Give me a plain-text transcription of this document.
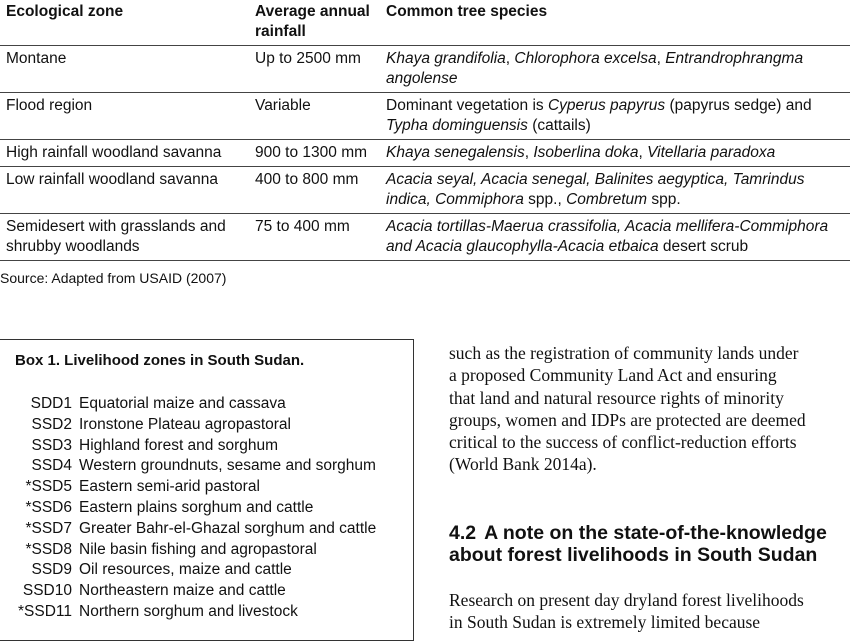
Ecological zone	Average annual rainfall	Common tree species
Montane	Up to 2500 mm	Khaya grandifolia, Chlorophora excelsa, Entrandrophrangma angolense
Flood region	Variable	Dominant vegetation is Cyperus papyrus (papyrus sedge) and Typha dominguensis (cattails)
High rainfall woodland savanna	900 to 1300 mm	Khaya senegalensis, Isoberlina doka, Vitellaria paradoxa
Low rainfall woodland savanna	400 to 800 mm	Acacia seyal, Acacia senegal, Balinites aegyptica, Tamrindus indica, Commiphora spp., Combretum spp.
Semidesert with grasslands and shrubby woodlands	75 to 400 mm	Acacia tortillas-Maerua crassifolia, Acacia mellifera-Commiphora and Acacia glaucophylla-Acacia etbaica desert scrub
Source: Adapted from USAID (2007)
Box 1. Livelihood zones in South Sudan.
SDD1 Equatorial maize and cassava
SSD2 Ironstone Plateau agropastoral
SSD3 Highland forest and sorghum
SSD4 Western groundnuts, sesame and sorghum
*SSD5 Eastern semi-arid pastoral
*SSD6 Eastern plains sorghum and cattle
*SSD7 Greater Bahr-el-Ghazal sorghum and cattle
*SSD8 Nile basin fishing and agropastoral
SSD9 Oil resources, maize and cattle
SSD10 Northeastern maize and cattle
*SSD11 Northern sorghum and livestock
such as the registration of community lands under
a proposed Community Land Act and ensuring
that land and natural resource rights of minority
groups, women and IDPs are protected are deemed
critical to the success of conflict-reduction efforts
(World Bank 2014a).
4.2 A note on the state-of-the-knowledge
about forest livelihoods in South Sudan
Research on present day dryland forest livelihoods
in South Sudan is extremely limited because
